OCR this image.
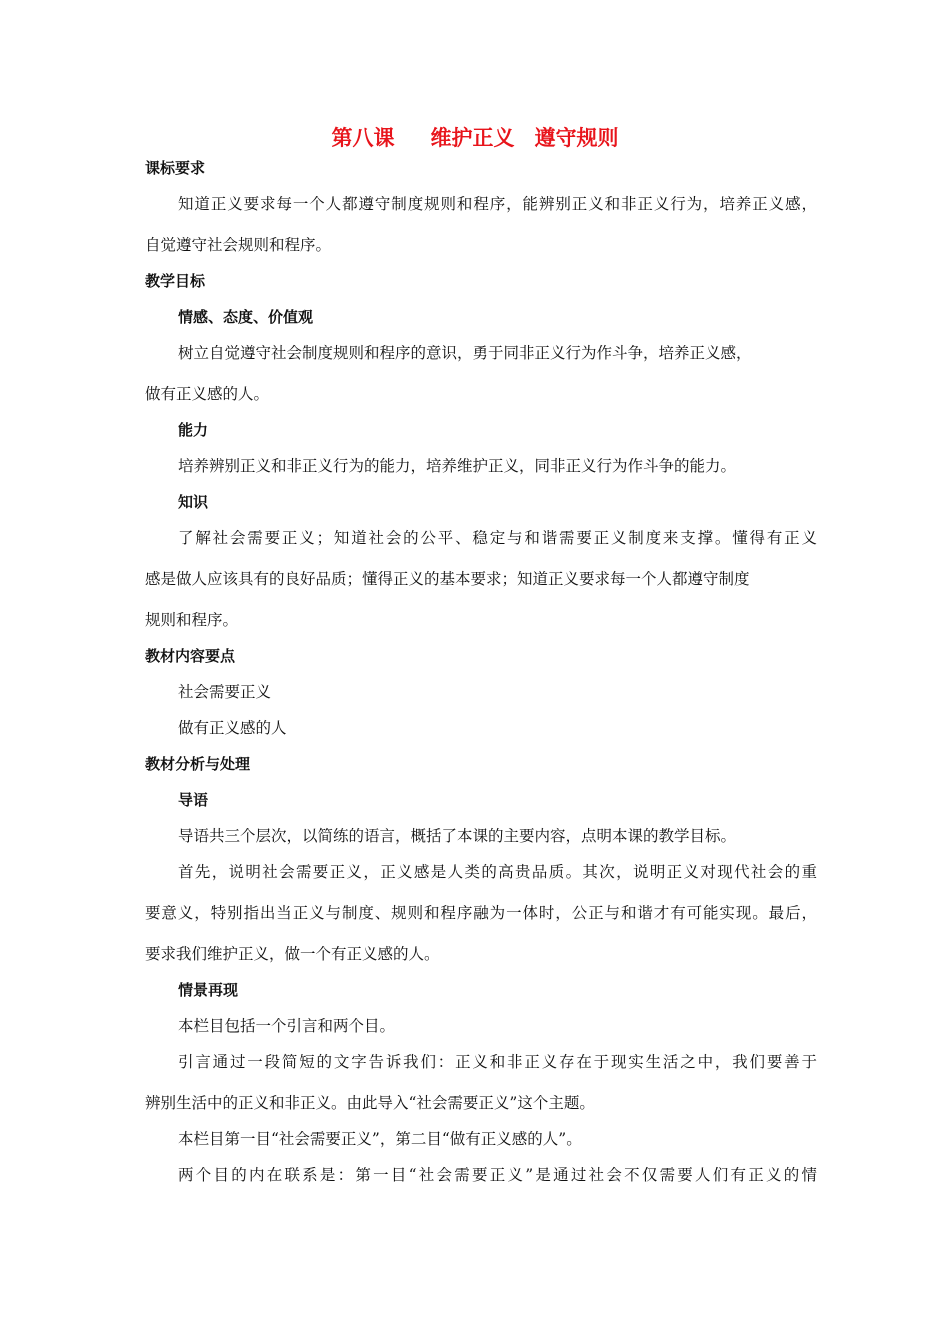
第八课 维护正义 遵守规则
课标要求
知道正义要求每一个人都遵守制度规则和程序，能辨别正义和非正义行为，培养正义感，
自觉遵守社会规则和程序。
教学目标
情感、态度、价值观
树立自觉遵守社会制度规则和程序的意识，勇于同非正义行为作斗争，培养正义感，
做有正义感的人。
能力
培养辨别正义和非正义行为的能力，培养维护正义，同非正义行为作斗争的能力。
知识
了解社会需要正义；知道社会的公平、稳定与和谐需要正义制度来支撑。懂得有正义
感是做人应该具有的良好品质；懂得正义的基本要求；知道正义要求每一个人都遵守制度
规则和程序。
教材内容要点
社会需要正义
做有正义感的人
教材分析与处理
导语
导语共三个层次，以简练的语言，概括了本课的主要内容，点明本课的教学目标。
首先，说明社会需要正义，正义感是人类的高贵品质。其次，说明正义对现代社会的重
要意义，特别指出当正义与制度、规则和程序融为一体时，公正与和谐才有可能实现。最后，
要求我们维护正义，做一个有正义感的人。
情景再现
本栏目包括一个引言和两个目。
引言通过一段简短的文字告诉我们：正义和非正义存在于现实生活之中，我们要善于
辨别生活中的正义和非正义。由此导入“社会需要正义”这个主题。
本栏目第一目“社会需要正义”，第二目“做有正义感的人”。
两个目的内在联系是：第一目“社会需要正义”是通过社会不仅需要人们有正义的情
